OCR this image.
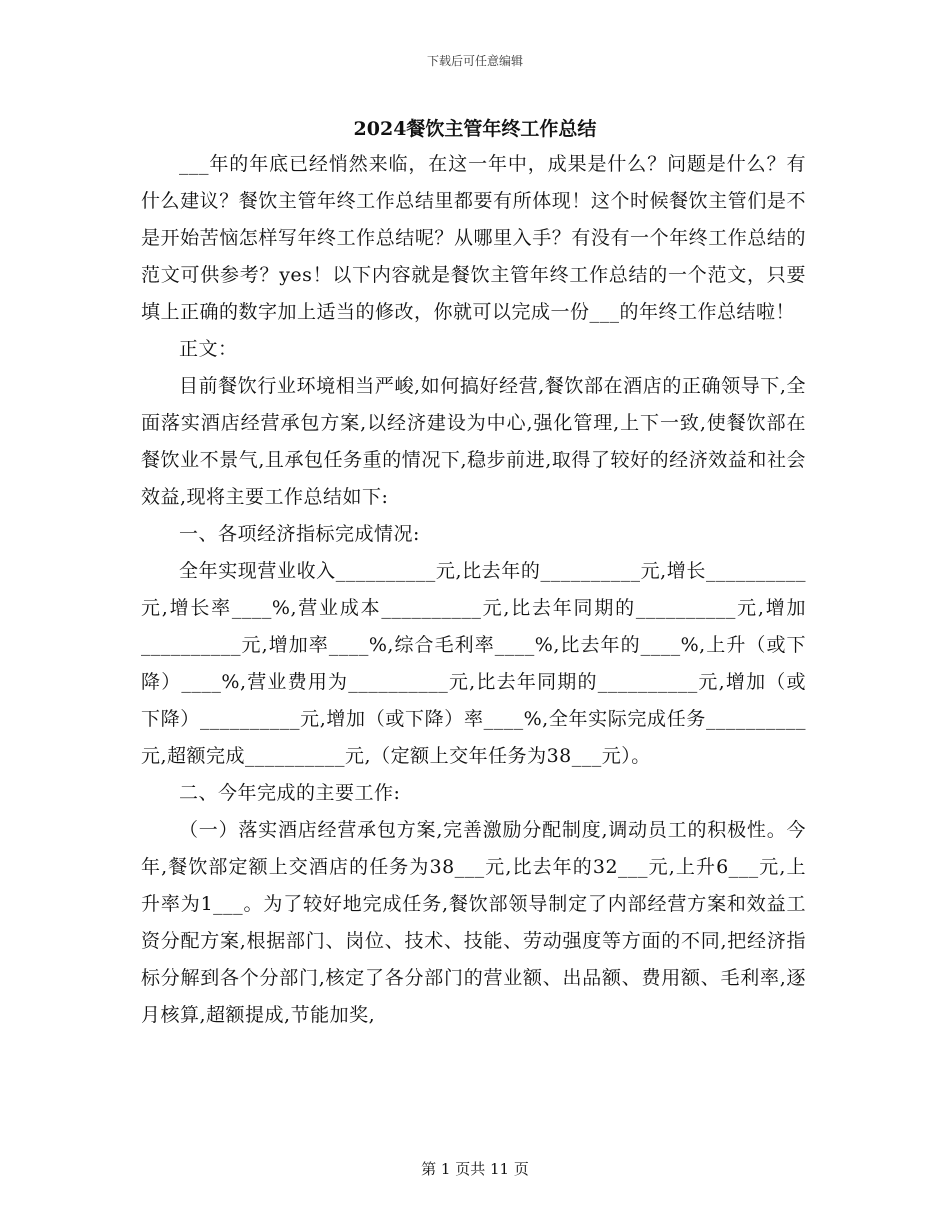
下载后可任意编辑
2024餐饮主管年终工作总结

___年的年底已经悄然来临，在这一年中，成果是什么？问题是什么？有什么建议？餐饮主管年终工作总结里都要有所体现！这个时候餐饮主管们是不是开始苦恼怎样写年终工作总结呢？从哪里入手？有没有一个年终工作总结的范文可供参考？yes！以下内容就是餐饮主管年终工作总结的一个范文，只要填上正确的数字加上适当的修改，你就可以完成一份___的年终工作总结啦！

正文：

目前餐饮行业环境相当严峻,如何搞好经营,餐饮部在酒店的正确领导下,全面落实酒店经营承包方案,以经济建设为中心,强化管理,上下一致,使餐饮部在餐饮业不景气,且承包任务重的情况下,稳步前进,取得了较好的经济效益和社会效益,现将主要工作总结如下:

一、各项经济指标完成情况:

全年实现营业收入__________元,比去年的__________元,增长__________元,增长率____%,营业成本__________元,比去年同期的__________元,增加__________元,增加率____%,综合毛利率____%,比去年的____%,上升（或下降）____%,营业费用为__________元,比去年同期的__________元,增加（或下降）__________元,增加（或下降）率____%,全年实际完成任务__________元,超额完成__________元,（定额上交年任务为38___元）。

二、今年完成的主要工作:

（一）落实酒店经营承包方案,完善激励分配制度,调动员工的积极性。今年,餐饮部定额上交酒店的任务为38___元,比去年的32___元,上升6___元,上升率为1___。为了较好地完成任务,餐饮部领导制定了内部经营方案和效益工资分配方案,根据部门、岗位、技术、技能、劳动强度等方面的不同,把经济指标分解到各个分部门,核定了各分部门的营业额、出品额、费用额、毛利率,逐月核算,超额提成,节能加奖,

第 1 页共 11 页
